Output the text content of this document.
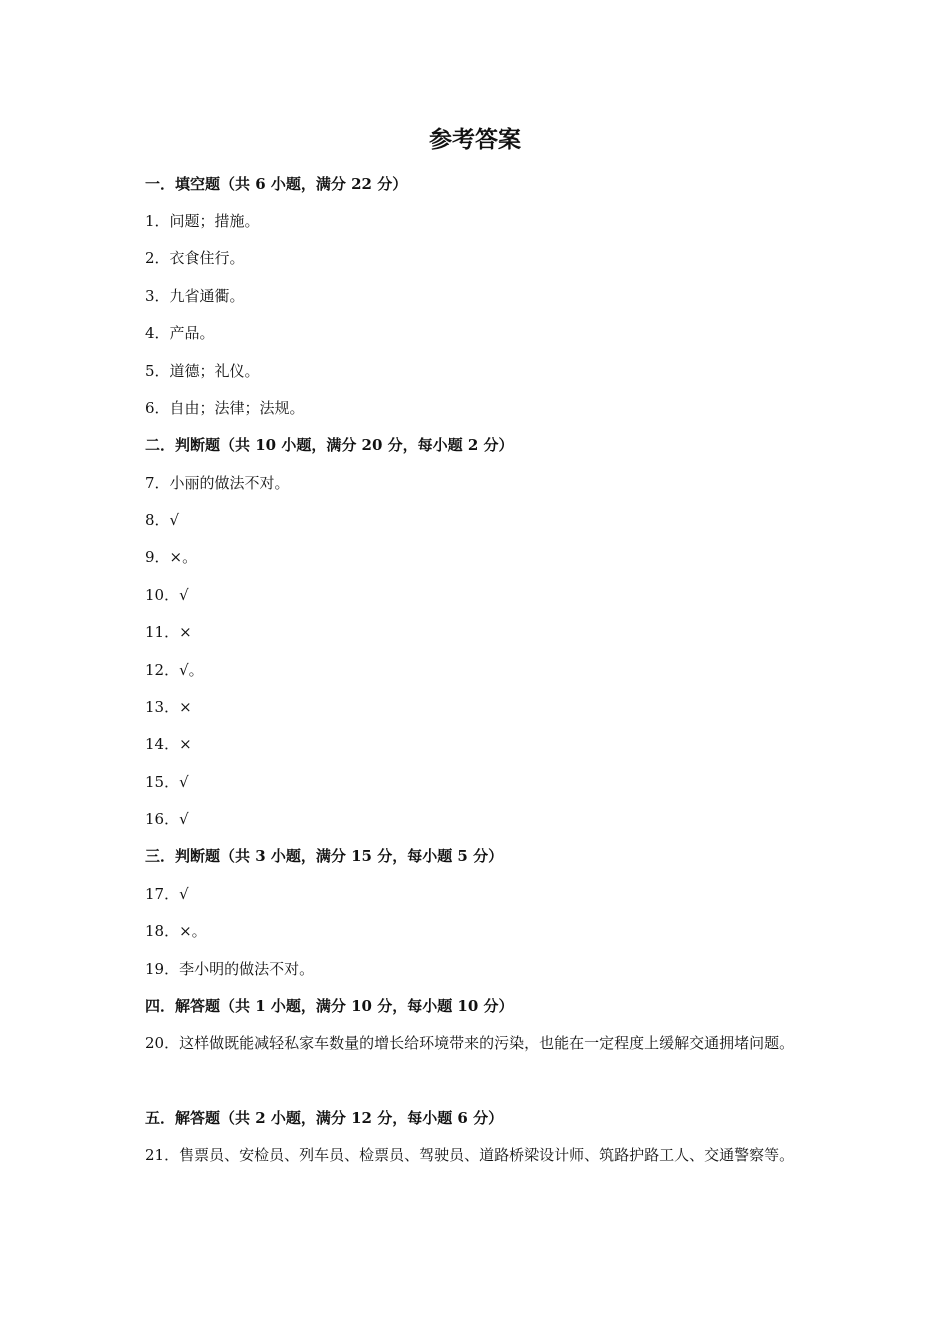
参考答案
一．填空题（共 6 小题，满分 22 分）
1．问题；措施。
2．衣食住行。
3．九省通衢。
4．产品。
5．道德；礼仪。
6．自由；法律；法规。
二．判断题（共 10 小题，满分 20 分，每小题 2 分）
7．小丽的做法不对。
8．√
9．×。
10．√
11．×
12．√。
13．×
14．×
15．√
16．√
三．判断题（共 3 小题，满分 15 分，每小题 5 分）
17．√
18．×。
19．李小明的做法不对。
四．解答题（共 1 小题，满分 10 分，每小题 10 分）
20．这样做既能减轻私家车数量的增长给环境带来的污染，也能在一定程度上缓解交通拥堵问题。
五．解答题（共 2 小题，满分 12 分，每小题 6 分）
21．售票员、安检员、列车员、检票员、驾驶员、道路桥梁设计师、筑路护路工人、交通警察等。
